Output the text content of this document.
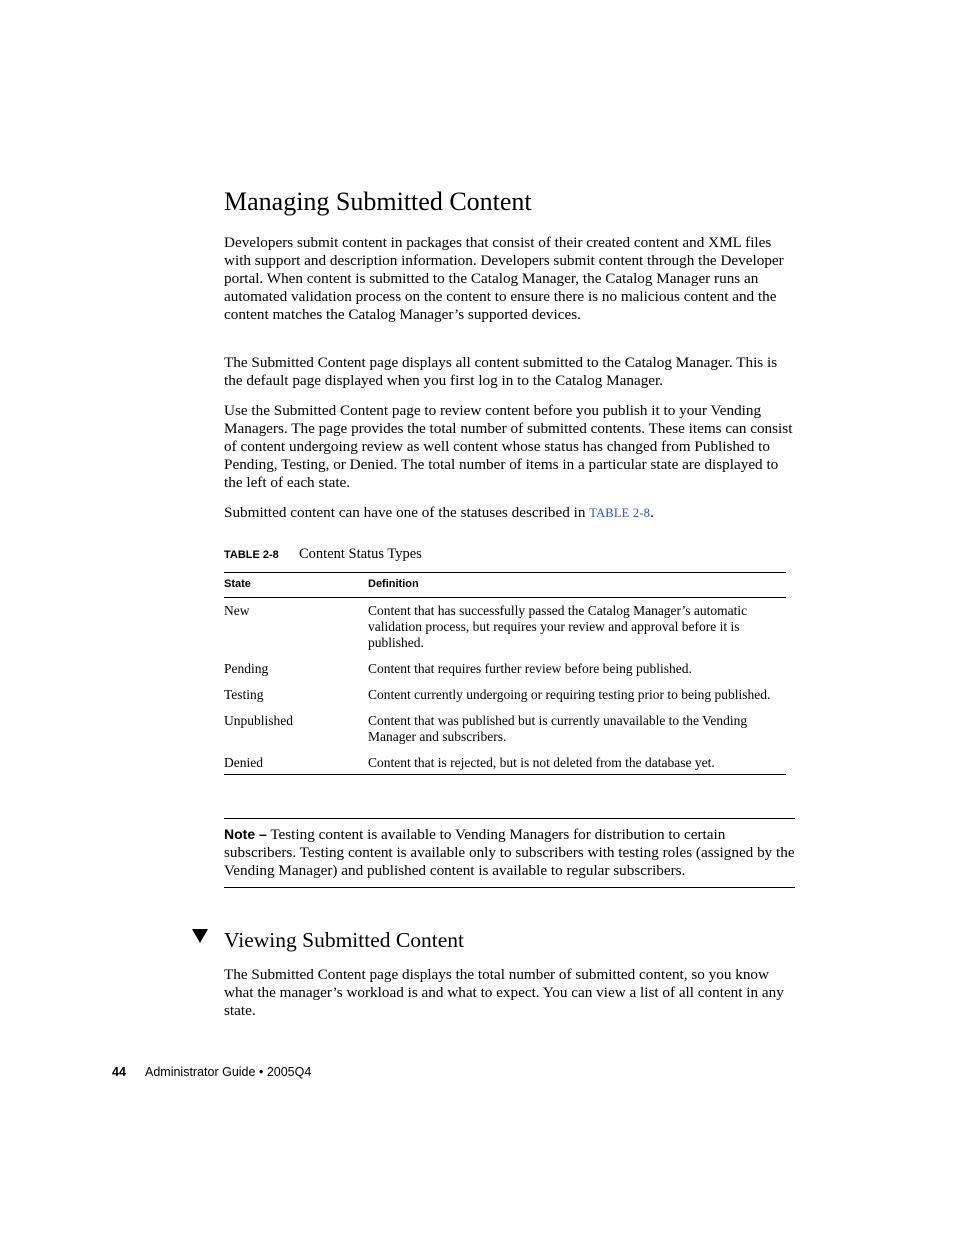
Managing Submitted Content

Developers submit content in packages that consist of their created content and XML files with support and description information. Developers submit content through the Developer portal. When content is submitted to the Catalog Manager, the Catalog Manager runs an automated validation process on the content to ensure there is no malicious content and the content matches the Catalog Manager’s supported devices.

The Submitted Content page displays all content submitted to the Catalog Manager. This is the default page displayed when you first log in to the Catalog Manager.

Use the Submitted Content page to review content before you publish it to your Vending Managers. The page provides the total number of submitted contents. These items can consist of content undergoing review as well content whose status has changed from Published to Pending, Testing, or Denied. The total number of items in a particular state are displayed to the left of each state.

Submitted content can have one of the statuses described in TABLE 2-8.

TABLE 2-8 Content Status Types
State	Definition
New	Content that has successfully passed the Catalog Manager’s automatic validation process, but requires your review and approval before it is published.
Pending	Content that requires further review before being published.
Testing	Content currently undergoing or requiring testing prior to being published.
Unpublished	Content that was published but is currently unavailable to the Vending Manager and subscribers.
Denied	Content that is rejected, but is not deleted from the database yet.

Note – Testing content is available to Vending Managers for distribution to certain subscribers. Testing content is available only to subscribers with testing roles (assigned by the Vending Manager) and published content is available to regular subscribers.

Viewing Submitted Content

The Submitted Content page displays the total number of submitted content, so you know what the manager’s workload is and what to expect. You can view a list of all content in any state.

44 Administrator Guide • 2005Q4
